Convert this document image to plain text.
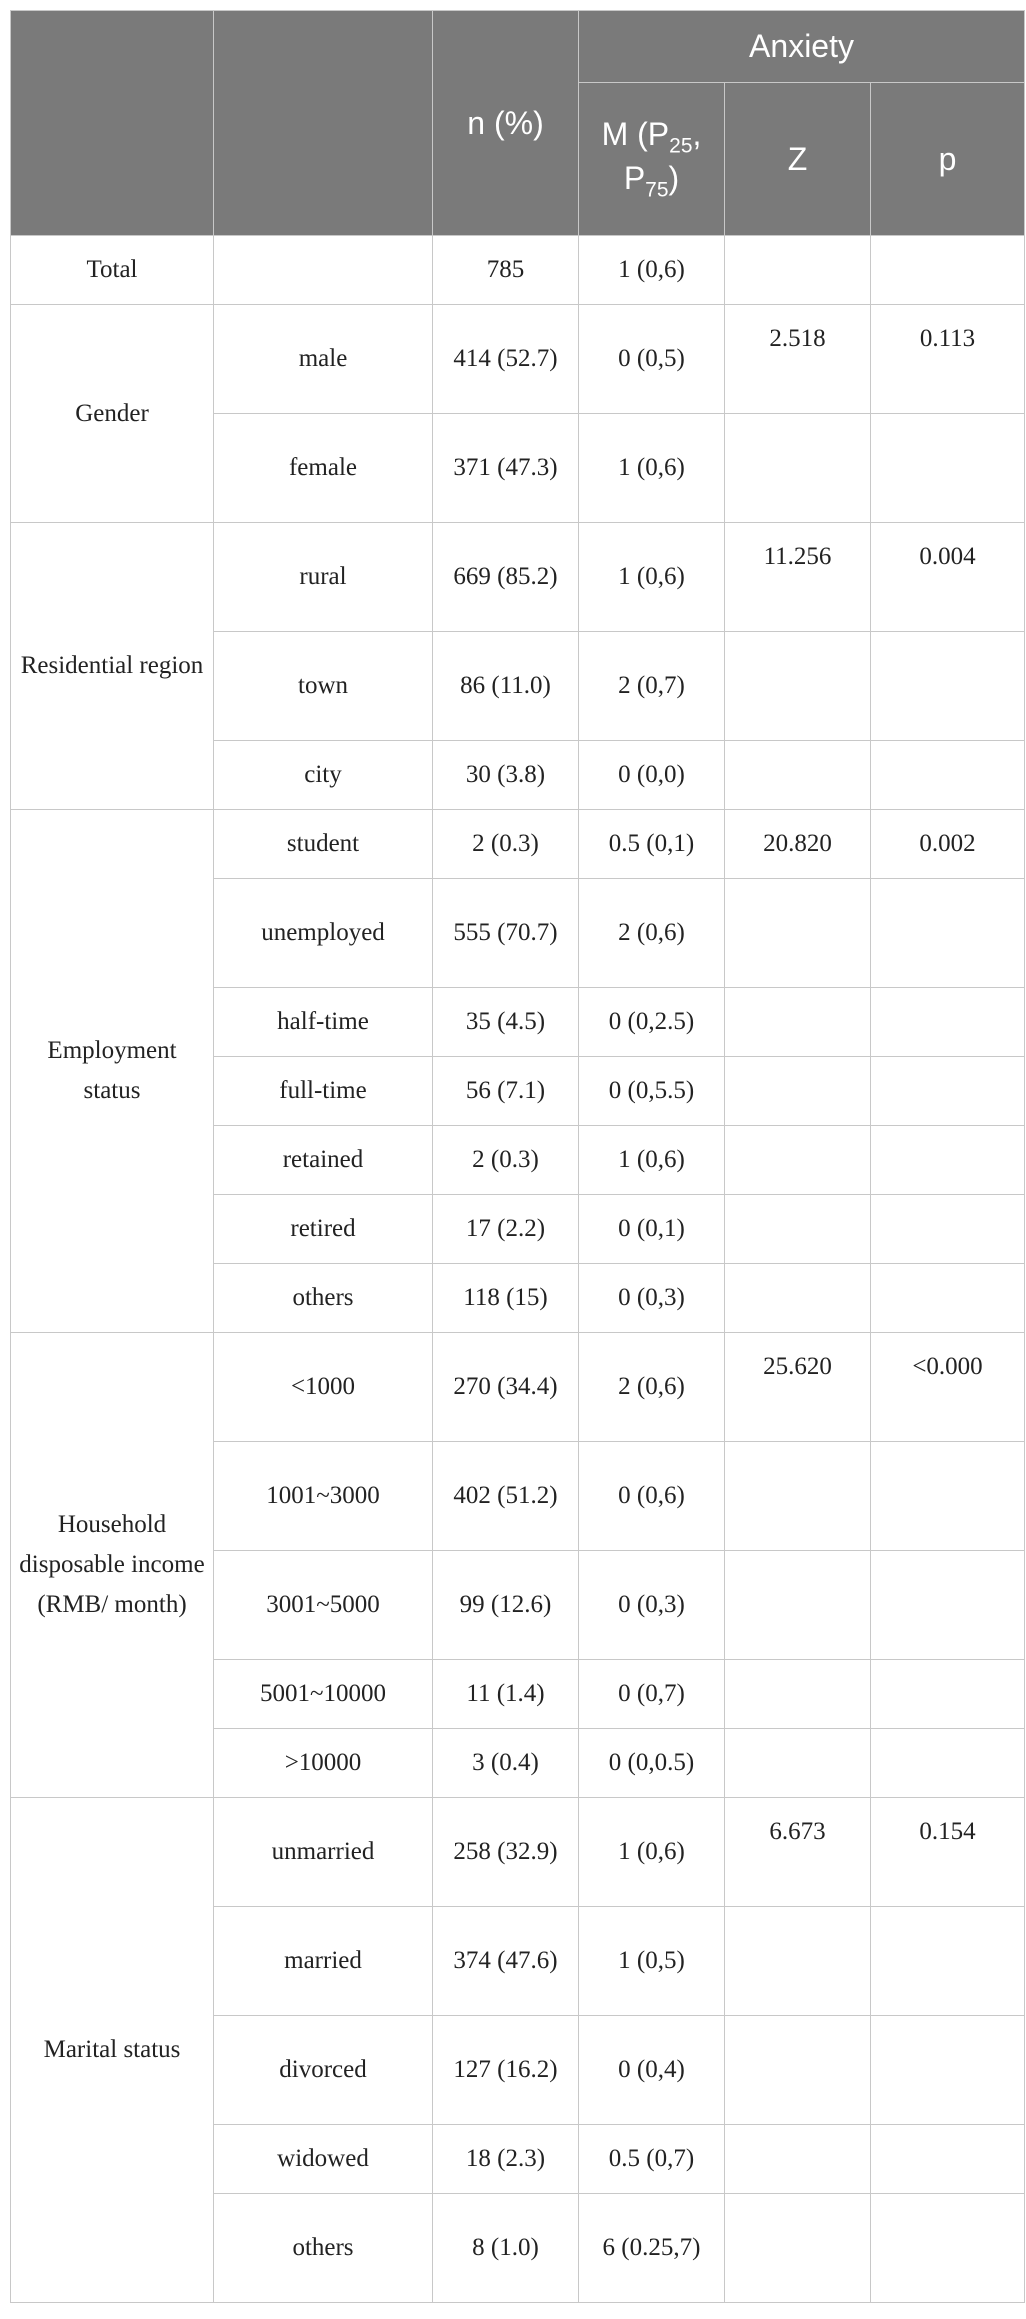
		n (%)	Anxiety		
			M ($P_{25}$, $P_{75}$)	Z	p
Total		785	1 (0,6)		
Gender	male	414 (52.7)	0 (0,5)	2.518	0.113
	female	371 (47.3)	1 (0,6)		
Residential region	rural	669 (85.2)	1 (0,6)	11.256	0.004
	town	86 (11.0)	2 (0,7)		
	city	30 (3.8)	0 (0,0)		
Employment status	student	2 (0.3)	0.5 (0,1)	20.820	0.002
	unemployed	555 (70.7)	2 (0,6)		
	half-time	35 (4.5)	0 (0,2.5)		
	full-time	56 (7.1)	0 (0,5.5)		
	retained	2 (0.3)	1 (0,6)		
	retired	17 (2.2)	0 (0,1)		
	others	118 (15)	0 (0,3)		
Household disposable income (RMB/ month)	<1000	270 (34.4)	2 (0,6)	25.620	<0.000
	1001~3000	402 (51.2)	0 (0,6)		
	3001~5000	99 (12.6)	0 (0,3)		
	5001~10000	11 (1.4)	0 (0,7)		
	>10000	3 (0.4)	0 (0,0.5)		
Marital status	unmarried	258 (32.9)	1 (0,6)	6.673	0.154
	married	374 (47.6)	1 (0,5)		
	divorced	127 (16.2)	0 (0,4)		
	widowed	18 (2.3)	0.5 (0,7)		
	others	8 (1.0)	6 (0.25,7)		
